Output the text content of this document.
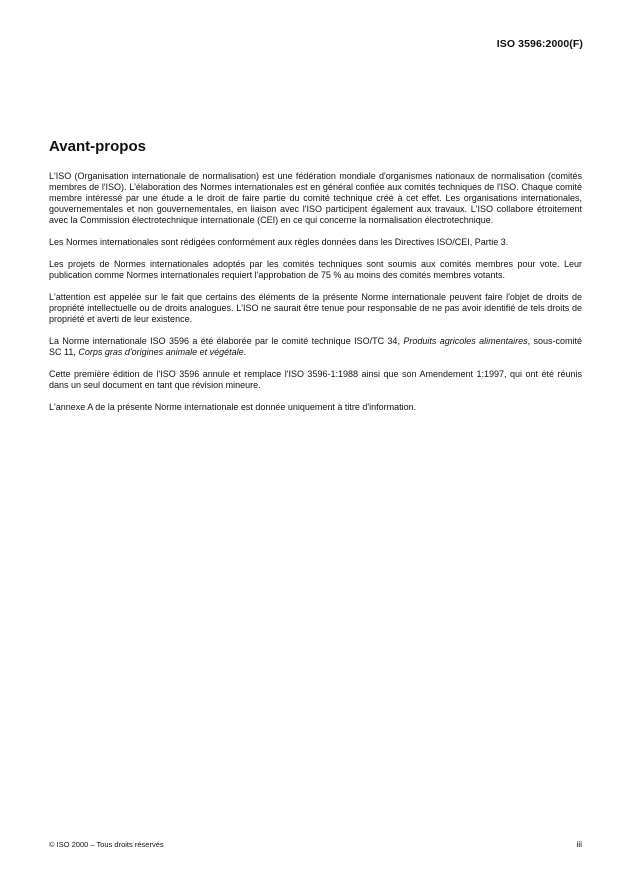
ISO 3596:2000(F)
Avant-propos

L'ISO (Organisation internationale de normalisation) est une fédération mondiale d'organismes nationaux de normalisation (comités membres de l'ISO). L'élaboration des Normes internationales est en général confiée aux comités techniques de l'ISO. Chaque comité membre intéressé par une étude a le droit de faire partie du comité technique créé à cet effet. Les organisations internationales, gouvernementales et non gouvernementales, en liaison avec l'ISO participent également aux travaux. L'ISO collabore étroitement avec la Commission électrotechnique internationale (CEI) en ce qui concerne la normalisation électrotechnique.

Les Normes internationales sont rédigées conformément aux règles données dans les Directives ISO/CEI, Partie 3.

Les projets de Normes internationales adoptés par les comités techniques sont soumis aux comités membres pour vote. Leur publication comme Normes internationales requiert l'approbation de 75 % au moins des comités membres votants.

L'attention est appelée sur le fait que certains des éléments de la présente Norme internationale peuvent faire l'objet de droits de propriété intellectuelle ou de droits analogues. L'ISO ne saurait être tenue pour responsable de ne pas avoir identifié de tels droits de propriété et averti de leur existence.

La Norme internationale ISO 3596 a été élaborée par le comité technique ISO/TC 34, Produits agricoles alimentaires, sous-comité SC 11, Corps gras d'origines animale et végétale.

Cette première édition de l'ISO 3596 annule et remplace l'ISO 3596-1:1988 ainsi que son Amendement 1:1997, qui ont été réunis dans un seul document en tant que révision mineure.

L'annexe A de la présente Norme internationale est donnée uniquement à titre d'information.

© ISO 2000 – Tous droits réservés	iii
